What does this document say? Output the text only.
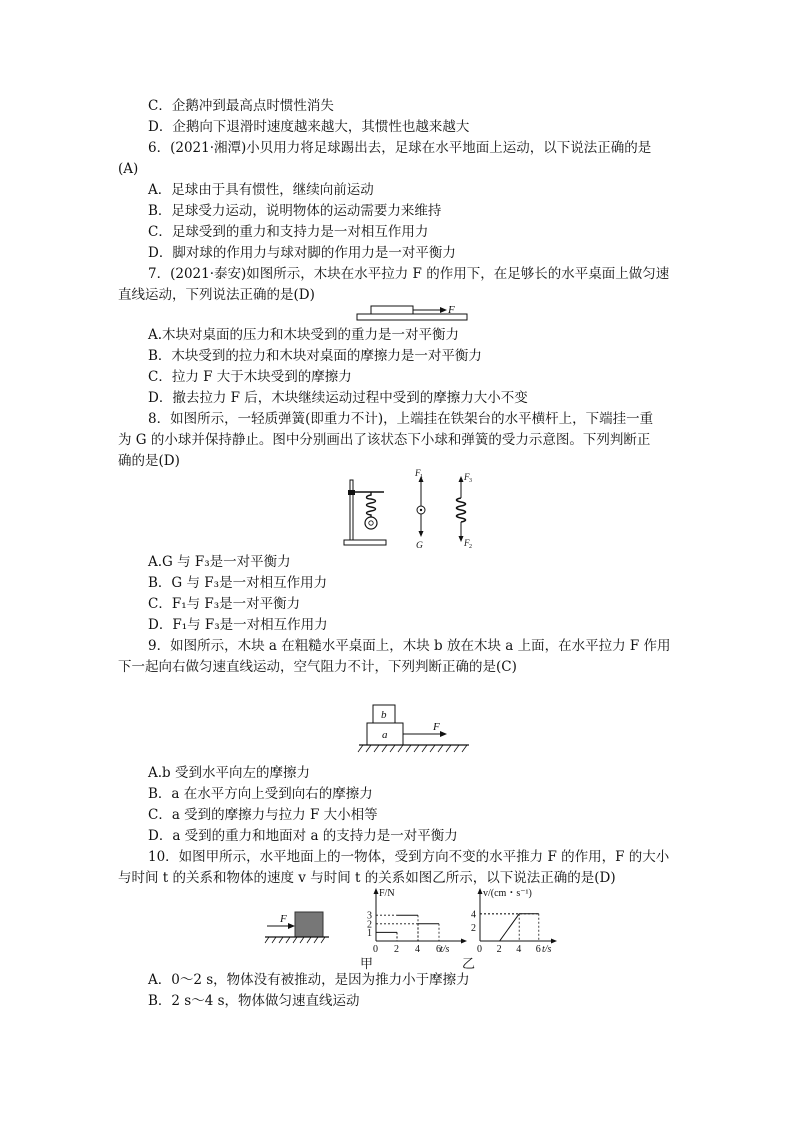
C．企鹅冲到最高点时惯性消失
D．企鹅向下退滑时速度越来越大，其惯性也越来越大
6．(2021·湘潭)小贝用力将足球踢出去，足球在水平地面上运动，以下说法正确的是
(A)
A．足球由于具有惯性，继续向前运动
B．足球受力运动，说明物体的运动需要力来维持
C．足球受到的重力和支持力是一对相互作用力
D．脚对球的作用力与球对脚的作用力是一对平衡力
7．(2021·泰安)如图所示，木块在水平拉力 F 的作用下，在足够长的水平桌面上做匀速
直线运动，下列说法正确的是(D)
F
A.木块对桌面的压力和木块受到的重力是一对平衡力
B．木块受到的拉力和木块对桌面的摩擦力是一对平衡力
C．拉力 F 大于木块受到的摩擦力
D．撤去拉力 F 后，木块继续运动过程中受到的摩擦力大小不变
8．如图所示，一轻质弹簧(即重力不计)，上端挂在铁架台的水平横杆上，下端挂一重
为 G 的小球并保持静止。图中分别画出了该状态下小球和弹簧的受力示意图。下列判断正
确的是(D)
F 1
G
F 3
F 2
A.G 与 F₃是一对平衡力
B．G 与 F₃是一对相互作用力
C．F₁与 F₃是一对平衡力
D．F₁与 F₃是一对相互作用力
9．如图所示，木块 a 在粗糙水平桌面上，木块 b 放在木块 a 上面，在水平拉力 F 作用
下一起向右做匀速直线运动，空气阻力不计，下列判断正确的是(C)
b
a
F
A.b 受到水平向左的摩擦力
B．a 在水平方向上受到向右的摩擦力
C．a 受到的摩擦力与拉力 F 大小相等
D．a 受到的重力和地面对 a 的支持力是一对平衡力
10．如图甲所示，水平地面上的一物体，受到方向不变的水平推力 F 的作用，F 的大小
与时间 t 的关系和物体的速度 v 与时间 t 的关系如图乙所示，以下说法正确的是(D)
F
F/N
0 2 4 6 t/s
1
2
3
v/(cm・s⁻¹)
0 2 4 6 t/s
2
4
甲	乙
A．0～2 s，物体没有被推动，是因为推力小于摩擦力
B．2 s～4 s，物体做匀速直线运动
